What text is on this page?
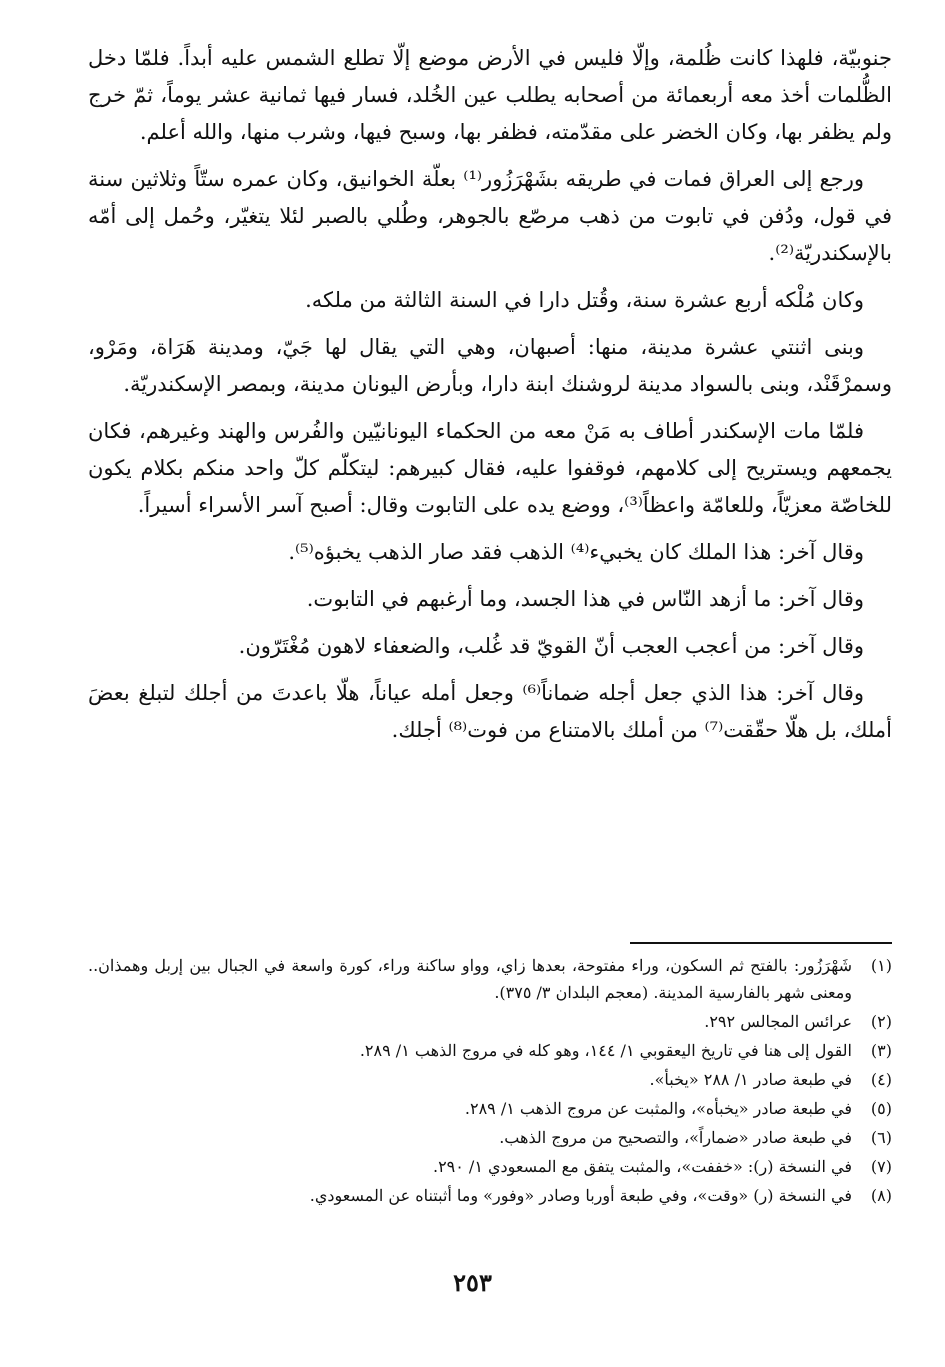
جنوبيّة، فلهذا كانت ظُلمة، وإلّا فليس في الأرض موضع إلّا تطلع الشمس عليه أبداً. فلمّا دخل الظُّلمات أخذ معه أربعمائة من أصحابه يطلب عين الخُلد، فسار فيها ثمانية عشر يوماً، ثمّ خرج ولم يظفر بها، وكان الخضر على مقدّمته، فظفر بها، وسبح فيها، وشرب منها، والله أعلم.

ورجع إلى العراق فمات في طريقه بشَهْرَزُور⁽¹⁾ بعلّة الخوانيق، وكان عمره ستّاً وثلاثين سنة في قول، ودُفن في تابوت من ذهب مرصّع بالجوهر، وطُلي بالصبر لئلا يتغيّر، وحُمل إلى أمّه بالإسكندريّة⁽²⁾.

وكان مُلْكه أربع عشرة سنة، وقُتل دارا في السنة الثالثة من ملكه.

وبنى اثنتي عشرة مدينة، منها: أصبهان، وهي التي يقال لها جَيّ، ومدينة هَرَاة، ومَرْو، وسمرْقَنْد، وبنى بالسواد مدينة لروشنك ابنة دارا، وبأرض اليونان مدينة، وبمصر الإسكندريّة.

فلمّا مات الإسكندر أطاف به مَنْ معه من الحكماء اليونانيّين والفُرس والهند وغيرهم، فكان يجمعهم ويستريح إلى كلامهم، فوقفوا عليه، فقال كبيرهم: ليتكلّم كلّ واحد منكم بكلام يكون للخاصّة معزيّاً، وللعامّة واعظاً⁽³⁾، ووضع يده على التابوت وقال: أصبح آسر الأسراء أسيراً.

وقال آخر: هذا الملك كان يخبيء⁽⁴⁾ الذهب فقد صار الذهب يخبؤه⁽⁵⁾.

وقال آخر: ما أزهد النّاس في هذا الجسد، وما أرغبهم في التابوت.

وقال آخر: من أعجب العجب أنّ القويّ قد غُلب، والضعفاء لاهون مُغْتَرّون.

وقال آخر: هذا الذي جعل أجله ضماناً⁽⁶⁾ وجعل أمله عياناً، هلّا باعدتَ من أجلك لتبلغ بعضَ أملك، بل هلّا حقّقت⁽⁷⁾ من أملك بالامتناع من فوت⁽⁸⁾ أجلك.

(١)
شَهْرَزُور: بالفتح ثم السكون، وراء مفتوحة، بعدها زاي، وواو ساكنة وراء، كورة واسعة في الجبال بين إربل وهمذان.. ومعنى شهر بالفارسية المدينة. (معجم البلدان ٣/ ٣٧٥).
(٢)
عرائس المجالس ٢٩٢.
(٣)
القول إلى هنا في تاريخ اليعقوبي ١/ ١٤٤، وهو كله في مروج الذهب ١/ ٢٨٩.
(٤)
في طبعة صادر ١/ ٢٨٨ «يخبأ».
(٥)
في طبعة صادر «يخبأه»، والمثبت عن مروج الذهب ١/ ٢٨٩.
(٦)
في طبعة صادر «ضماراً»، والتصحيح من مروج الذهب.
(٧)
في النسخة (ر): «خففت»، والمثبت يتفق مع المسعودي ١/ ٢٩٠.
(٨)
في النسخة (ر) «وقت»، وفي طبعة أوربا وصادر «وفور» وما أثبتناه عن المسعودي.
٢٥٣
